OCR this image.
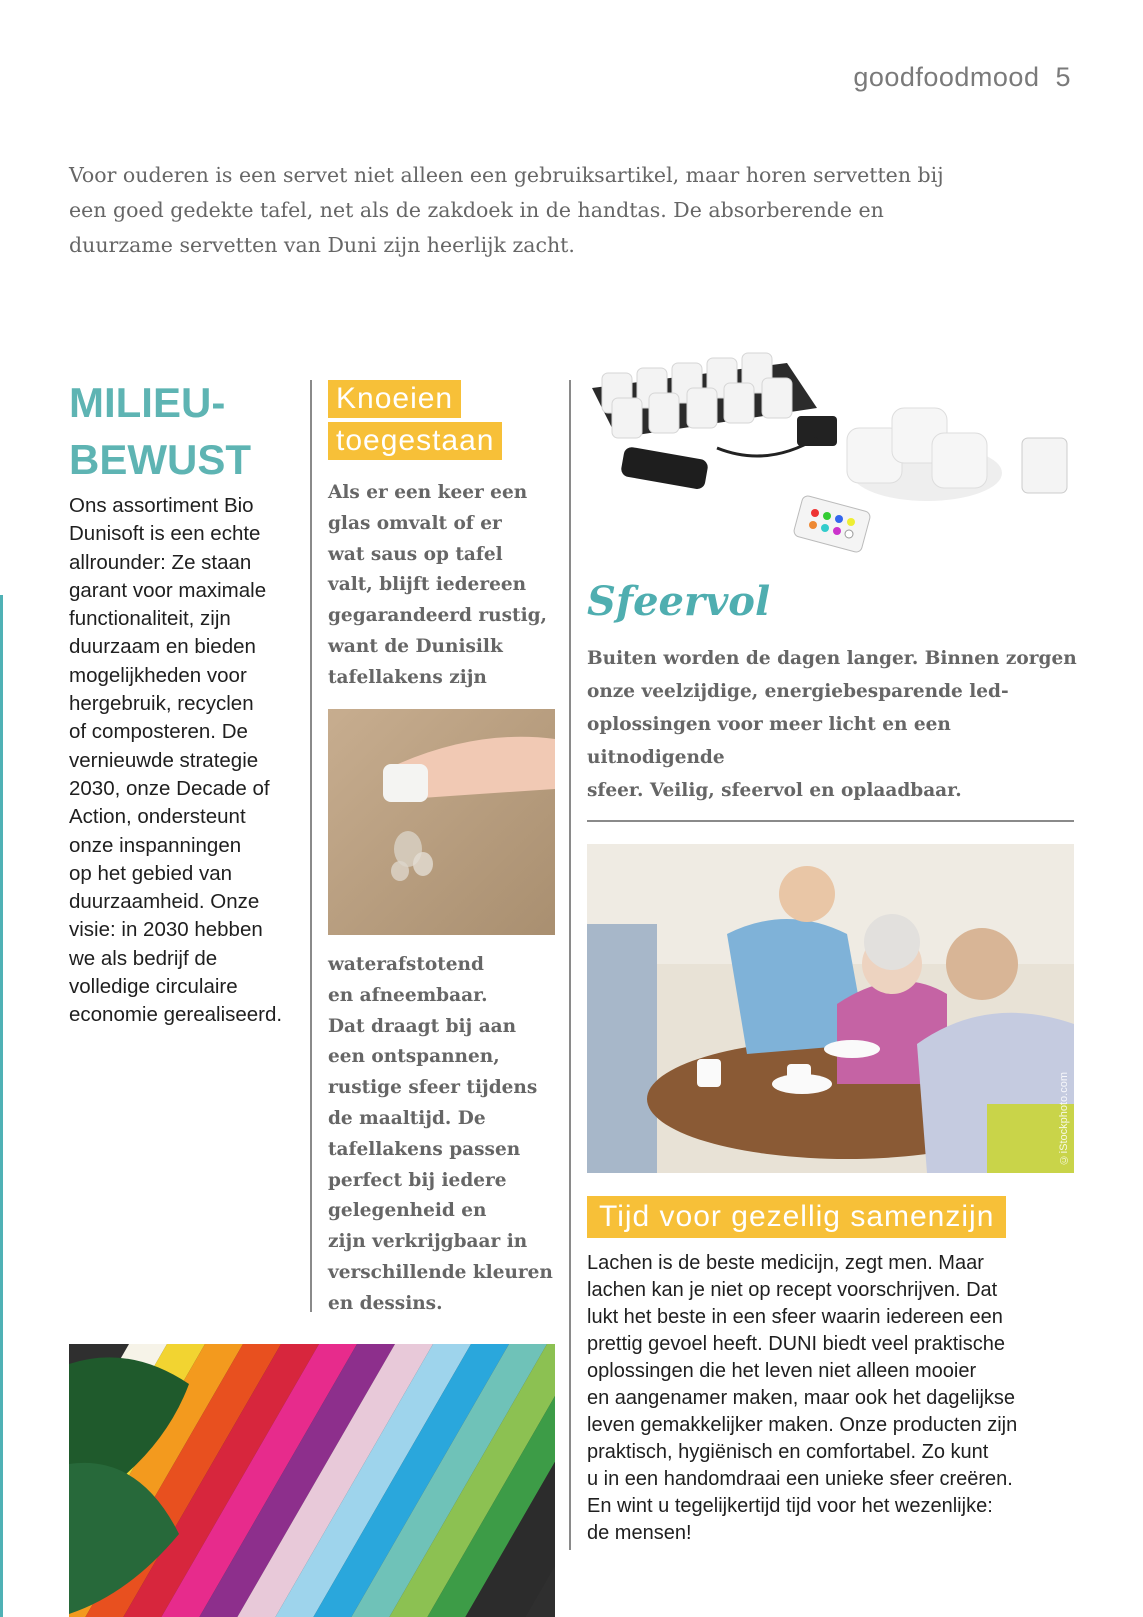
goodfoodmood 5
Voor ouderen is een servet niet alleen een gebruiksartikel, maar horen servetten bij een goed gedekte tafel, net als de zakdoek in de handtas. De absorberende en duurzame servetten van Duni zijn heerlijk zacht.
MILIEU-
BEWUST
Ons assortiment Bio
Dunisoft is een echte
allrounder: Ze staan
garant voor maximale
functionaliteit, zijn
duurzaam en bieden
mogelijkheden voor
hergebruik, recyclen
of composteren. De
vernieuwde strategie
2030, onze Decade of
Action, ondersteunt
onze inspanningen
op het gebied van
duurzaamheid. Onze
visie: in 2030 hebben
we als bedrijf de
volledige circulaire
economie gerealiseerd.
Knoeien
toegestaan
Als er een keer een
glas omvalt of er
wat saus op tafel
valt, blijft iedereen
gegarandeerd rustig,
want de Dunisilk
tafellakens zijn
waterafstotend
en afneembaar.
Dat draagt bij aan
een ontspannen,
rustige sfeer tijdens
de maaltijd. De
tafellakens passen
perfect bij iedere
gelegenheid en
zijn verkrijgbaar in
verschillende kleuren
en dessins.
Sfeervol
Buiten worden de dagen langer. Binnen zorgen
onze veelzijdige, energiebesparende led-
oplossingen voor meer licht en een uitnodigende
sfeer. Veilig, sfeervol en oplaadbaar.
©iStockphoto.com
Tijd voor gezellig samenzijn
Lachen is de beste medicijn, zegt men. Maar
lachen kan je niet op recept voorschrijven. Dat
lukt het beste in een sfeer waarin iedereen een
prettig gevoel heeft. DUNI biedt veel praktische
oplossingen die het leven niet alleen mooier
en aangenamer maken, maar ook het dagelijkse
leven gemakkelijker maken. Onze producten zijn
praktisch, hygiënisch en comfortabel. Zo kunt
u in een handomdraai een unieke sfeer creëren.
En wint u tegelijkertijd tijd voor het wezenlijke:
de mensen!
